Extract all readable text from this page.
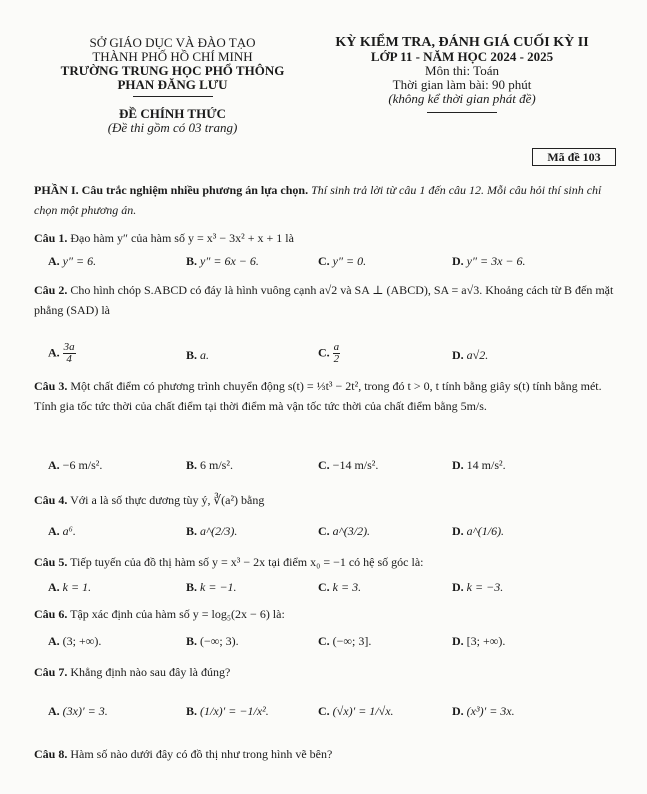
SỞ GIÁO DỤC VÀ ĐÀO TẠO
THÀNH PHỐ HỒ CHÍ MINH
TRƯỜNG TRUNG HỌC PHỔ THÔNG
PHAN ĐĂNG LƯU
ĐỀ CHÍNH THỨC
(Đề thi gồm có 03 trang)
KỲ KIỂM TRA, ĐÁNH GIÁ CUỐI KỲ II
LỚP 11 - NĂM HỌC 2024 - 2025
Môn thi: Toán
Thời gian làm bài: 90 phút
(không kể thời gian phát đề)
Mã đề 103
PHẦN I. Câu trắc nghiệm nhiều phương án lựa chọn. Thí sinh trả lời từ câu 1 đến câu 12. Mỗi câu hỏi thí sinh chỉ chọn một phương án.
Câu 1. Đạo hàm y″ của hàm số y = x³ − 3x² + x + 1 là
A. y″ = 6.	B. y″ = 6x − 6.	C. y″ = 0.	D. y″ = 3x − 6.
Câu 2. Cho hình chóp S.ABCD có đáy là hình vuông cạnh a√2 và SA ⊥ (ABCD), SA = a√3. Khoảng cách từ B đến mặt phẳng (SAD) là
A. $\frac{3a}{4}$	B. a.	C. $\frac{a}{2}$	D. a√2.
Câu 3. Một chất điểm có phương trình chuyển động s(t) = ⅓t³ − 2t², trong đó t > 0, t tính bằng giây s(t) tính bằng mét. Tính gia tốc tức thời của chất điểm tại thời điểm mà vận tốc tức thời của chất điểm bằng 5m/s.
A. −6 m/s².	B. 6 m/s².	C. −14 m/s².	D. 14 m/s².
Câu 4. Với a là số thực dương tùy ý, ∛(a²) bằng
A. a⁶.	B. a^(2/3).	C. a^(3/2).	D. a^(1/6).
Câu 5. Tiếp tuyến của đồ thị hàm số y = x³ − 2x tại điểm x₀ = −1 có hệ số góc là:
A. k = 1.	B. k = −1.	C. k = 3.	D. k = −3.
Câu 6. Tập xác định của hàm số y = log₅(2x − 6) là:
A. (3; +∞).	B. (−∞; 3).	C. (−∞; 3].	D. [3; +∞).
Câu 7. Khẳng định nào sau đây là đúng?
A. (3x)′ = 3.	B. (1/x)′ = −1/x².	C. (√x)′ = 1/√x.	D. (x³)′ = 3x.
Câu 8. Hàm số nào dưới đây có đồ thị như trong hình vẽ bên?
